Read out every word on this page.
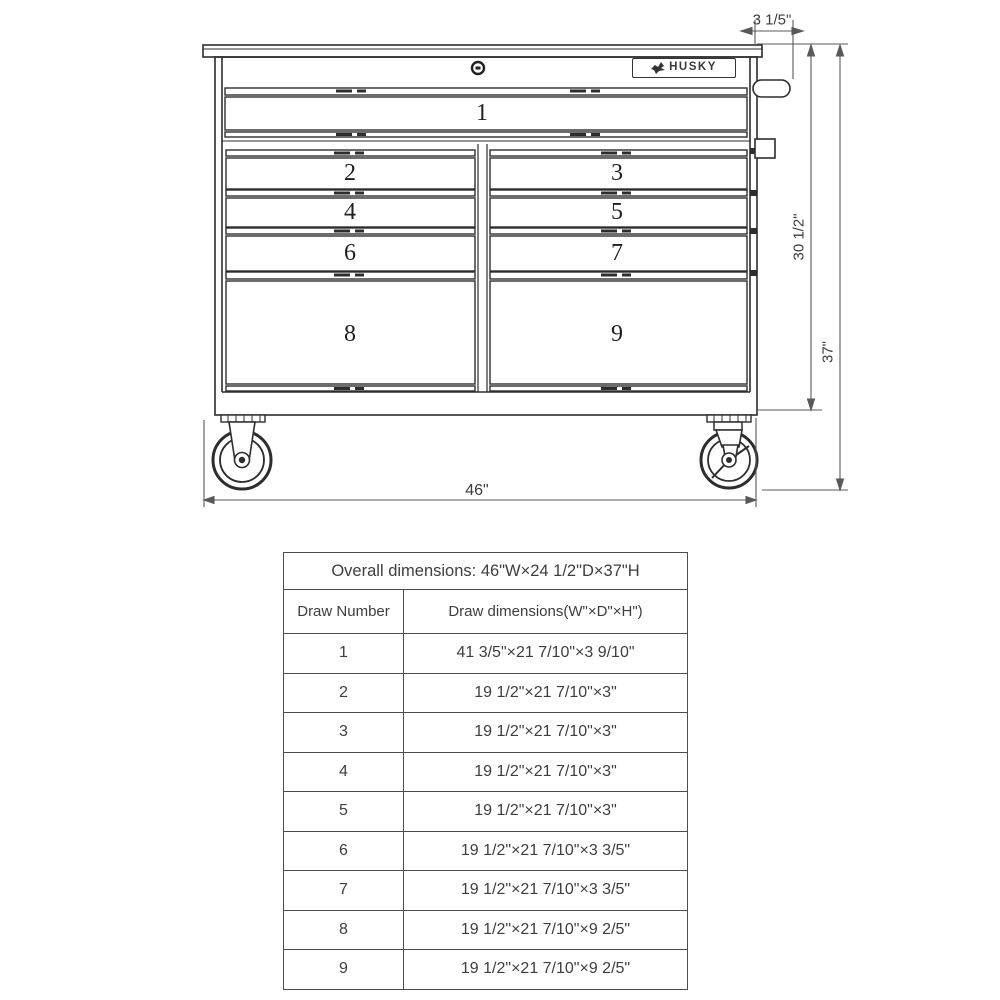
HUSKY
1
2	3
4	5
6	7
8	9
3 1/5"
30 1/2"
37"
46"
Overall dimensions: 46"W×24 1/2"D×37"H
Draw Number	Draw dimensions(W"×D"×H")
1	41 3/5"×21 7/10"×3 9/10"
2	19 1/2"×21 7/10"×3"
3	19 1/2"×21 7/10"×3"
4	19 1/2"×21 7/10"×3"
5	19 1/2"×21 7/10"×3"
6	19 1/2"×21 7/10"×3 3/5"
7	19 1/2"×21 7/10"×3 3/5"
8	19 1/2"×21 7/10"×9 2/5"
9	19 1/2"×21 7/10"×9 2/5"
